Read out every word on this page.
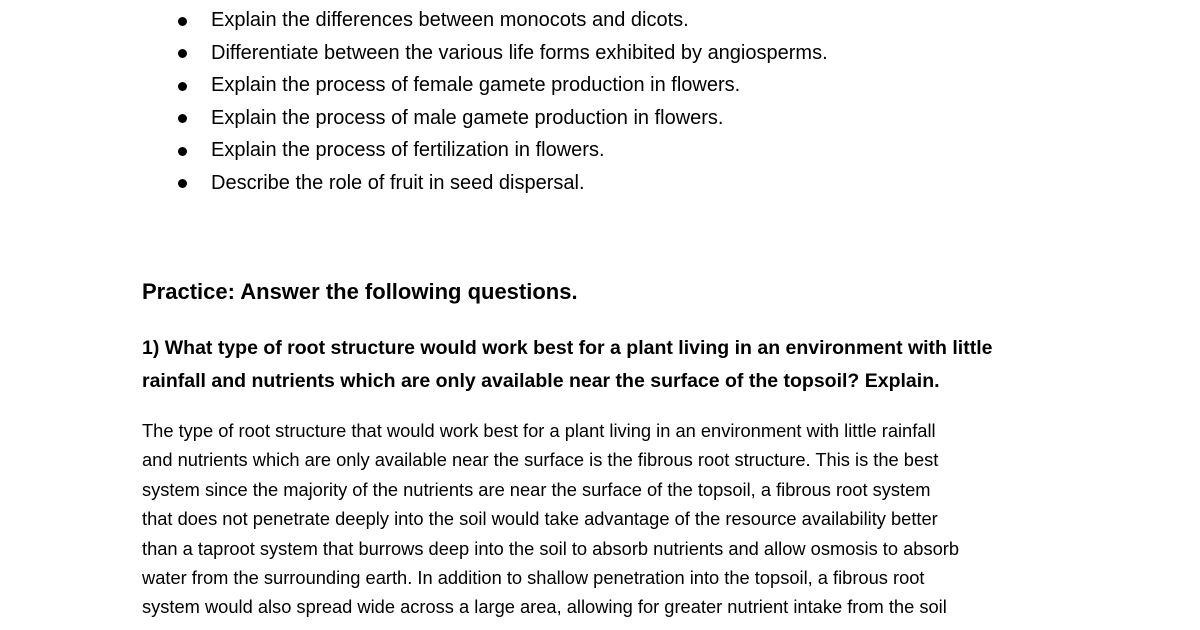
Explain the differences between monocots and dicots.
Differentiate between the various life forms exhibited by angiosperms.
Explain the process of female gamete production in flowers.
Explain the process of male gamete production in flowers.
Explain the process of fertilization in flowers.
Describe the role of fruit in seed dispersal.
Practice: Answer the following questions.
1) What type of root structure would work best for a plant living in an environment with little
rainfall and nutrients which are only available near the surface of the topsoil? Explain.
The type of root structure that would work best for a plant living in an environment with little rainfall
and nutrients which are only available near the surface is the fibrous root structure. This is the best
system since the majority of the nutrients are near the surface of the topsoil, a fibrous root system
that does not penetrate deeply into the soil would take advantage of the resource availability better
than a taproot system that burrows deep into the soil to absorb nutrients and allow osmosis to absorb
water from the surrounding earth. In addition to shallow penetration into the topsoil, a fibrous root
system would also spread wide across a large area, allowing for greater nutrient intake from the soil
